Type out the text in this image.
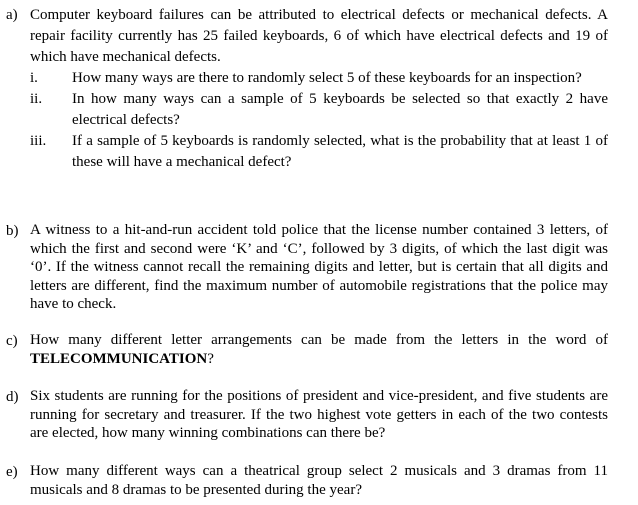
a) Computer keyboard failures can be attributed to electrical defects or mechanical defects. A repair facility currently has 25 failed keyboards, 6 of which have electrical defects and 19 of which have mechanical defects.
i.	How many ways are there to randomly select 5 of these keyboards for an inspection?
ii.	In how many ways can a sample of 5 keyboards be selected so that exactly 2 have electrical defects?
iii.	If a sample of 5 keyboards is randomly selected, what is the probability that at least 1 of these will have a mechanical defect?
b) A witness to a hit-and-run accident told police that the license number contained 3 letters, of which the first and second were ‘K’ and ‘C’, followed by 3 digits, of which the last digit was ‘0’. If the witness cannot recall the remaining digits and letter, but is certain that all digits and letters are different, find the maximum number of automobile registrations that the police may have to check.
c) How many different letter arrangements can be made from the letters in the word of TELECOMMUNICATION?
d) Six students are running for the positions of president and vice-president, and five students are running for secretary and treasurer. If the two highest vote getters in each of the two contests are elected, how many winning combinations can there be?
e) How many different ways can a theatrical group select 2 musicals and 3 dramas from 11 musicals and 8 dramas to be presented during the year?
